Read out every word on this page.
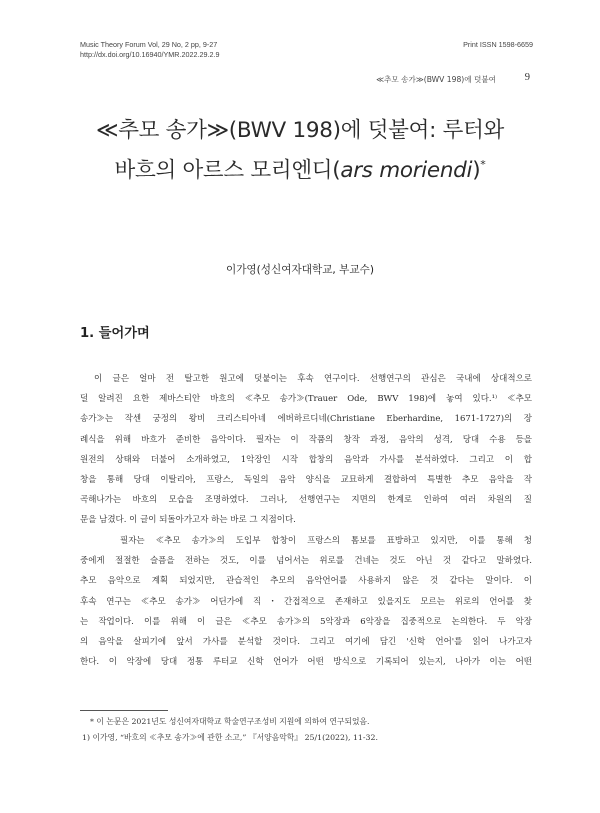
Music Theory Forum Vol, 29 No, 2 pp, 9-27
http://dx.doi.org/10.16940/YMR.2022.29.2.9
Print ISSN 1598-6659
≪추모 송가≫(BWV 198)에 덧붙여	9
≪추모 송가≫(BWV 198)에 덧붙여: 루터와
바흐의 아르스 모리엔디(ars moriendi)*
이가영(성신여자대학교, 부교수)
1. 들어가며
이 글은 얼마 전 탈고한 원고에 덧붙이는 후속 연구이다. 선행연구의 관심은 국내에 상대적으로
덜 알려진 요한 제바스티안 바흐의 ≪추모 송가≫(Trauer Ode, BWV 198)에 놓여 있다.¹⁾ ≪추모
송가≫는 작센 궁정의 왕비 크리스티아네 에버하르디네(Christiane Eberhardine, 1671-1727)의 장
례식을 위해 바흐가 준비한 음악이다. 필자는 이 작품의 창작 과정, 음악의 성격, 당대 수용 등을
원전의 상태와 더불어 소개하였고, 1악장인 시작 합창의 음악과 가사를 분석하였다. 그리고 이 합
창을 통해 당대 이탈리아, 프랑스, 독일의 음악 양식을 교묘하게 결합하여 특별한 추모 음악을 작
곡해나가는 바흐의 모습을 조명하였다. 그러나, 선행연구는 지면의 한계로 인하여 여러 차원의 질
문을 남겼다. 이 글이 되돌아가고자 하는 바로 그 지점이다.
필자는 ≪추모 송가≫의 도입부 합창이 프랑스의 톰보를 표방하고 있지만, 이를 통해 청
중에게 절절한 슬픔을 전하는 것도, 이를 넘어서는 위로를 건네는 것도 아닌 것 같다고 말하였다.
추모 음악으로 계획 되었지만, 관습적인 추모의 음악언어를 사용하지 않은 것 같다는 말이다. 이
후속 연구는 ≪추모 송가≫ 어딘가에 직・간접적으로 존재하고 있을지도 모르는 위로의 언어를 찾
는 작업이다. 이를 위해 이 글은 ≪추모 송가≫의 5악장과 6악장을 집중적으로 논의한다. 두 악장
의 음악을 살피기에 앞서 가사를 분석할 것이다. 그리고 여기에 담긴 '신학 언어'를 읽어 나가고자
한다. 이 악장에 당대 정통 루터교 신학 언어가 어떤 방식으로 기록되어 있는지, 나아가 이는 어떤
* 이 논문은 2021년도 성신여자대학교 학술연구조성비 지원에 의하여 연구되었음.
1) 이가영, “바흐의 ≪추모 송가≫에 관한 소고,” 『서양음악학』 25/1(2022), 11-32.
